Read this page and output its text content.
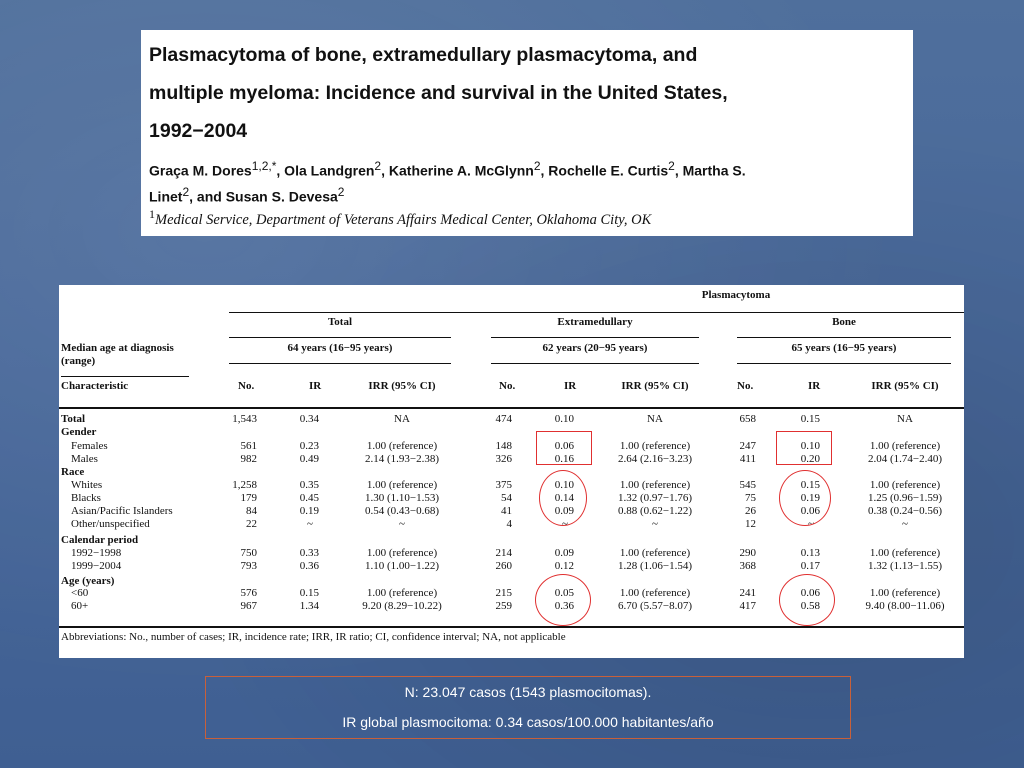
Plasmacytoma of bone, extramedullary plasmacytoma, and
multiple myeloma: Incidence and survival in the United States,
1992−2004
Graça M. Dores$^{1,2,*}$, Ola Landgren$^2$, Katherine A. McGlynn$^2$, Rochelle E. Curtis$^2$, Martha S.
Linet$^2$, and Susan S. Devesa$^2$
$^1$Medical Service, Department of Veterans Affairs Medical Center, Oklahoma City, OK
Plasmacytoma
Total	Extramedullary	Bone
Median age at diagnosis
(range)
64 years (16−95 years)	62 years (20−95 years)	65 years (16−95 years)
Characteristic	No.	IR	IRR (95% CI)	No.	IR	IRR (95% CI)	No.	IR	IRR (95% CI)
Total	1,543	0.34	NA	474	0.10	NA	658	0.15	NA
Gender
Females	561	0.23	1.00 (reference)	148	0.06	1.00 (reference)	247	0.10	1.00 (reference)
Males	982	0.49	2.14 (1.93−2.38)	326	0.16	2.64 (2.16−3.23)	411	0.20	2.04 (1.74−2.40)
Race
Whites	1,258	0.35	1.00 (reference)	375	0.10	1.00 (reference)	545	0.15	1.00 (reference)
Blacks	179	0.45	1.30 (1.10−1.53)	54	0.14	1.32 (0.97−1.76)	75	0.19	1.25 (0.96−1.59)
Asian/Pacific Islanders	84	0.19	0.54 (0.43−0.68)	41	0.09	0.88 (0.62−1.22)	26	0.06	0.38 (0.24−0.56)
Other/unspecified	22	~	~	4	~	~	12	~	~
Calendar period
1992−1998	750	0.33	1.00 (reference)	214	0.09	1.00 (reference)	290	0.13	1.00 (reference)
1999−2004	793	0.36	1.10 (1.00−1.22)	260	0.12	1.28 (1.06−1.54)	368	0.17	1.32 (1.13−1.55)
Age (years)
<60	576	0.15	1.00 (reference)	215	0.05	1.00 (reference)	241	0.06	1.00 (reference)
60+	967	1.34	9.20 (8.29−10.22)	259	0.36	6.70 (5.57−8.07)	417	0.58	9.40 (8.00−11.06)
Abbreviations: No., number of cases; IR, incidence rate; IRR, IR ratio; CI, confidence interval; NA, not applicable
N: 23.047 casos (1543 plasmocitomas).
IR global plasmocitoma: 0.34 casos/100.000 habitantes/año
